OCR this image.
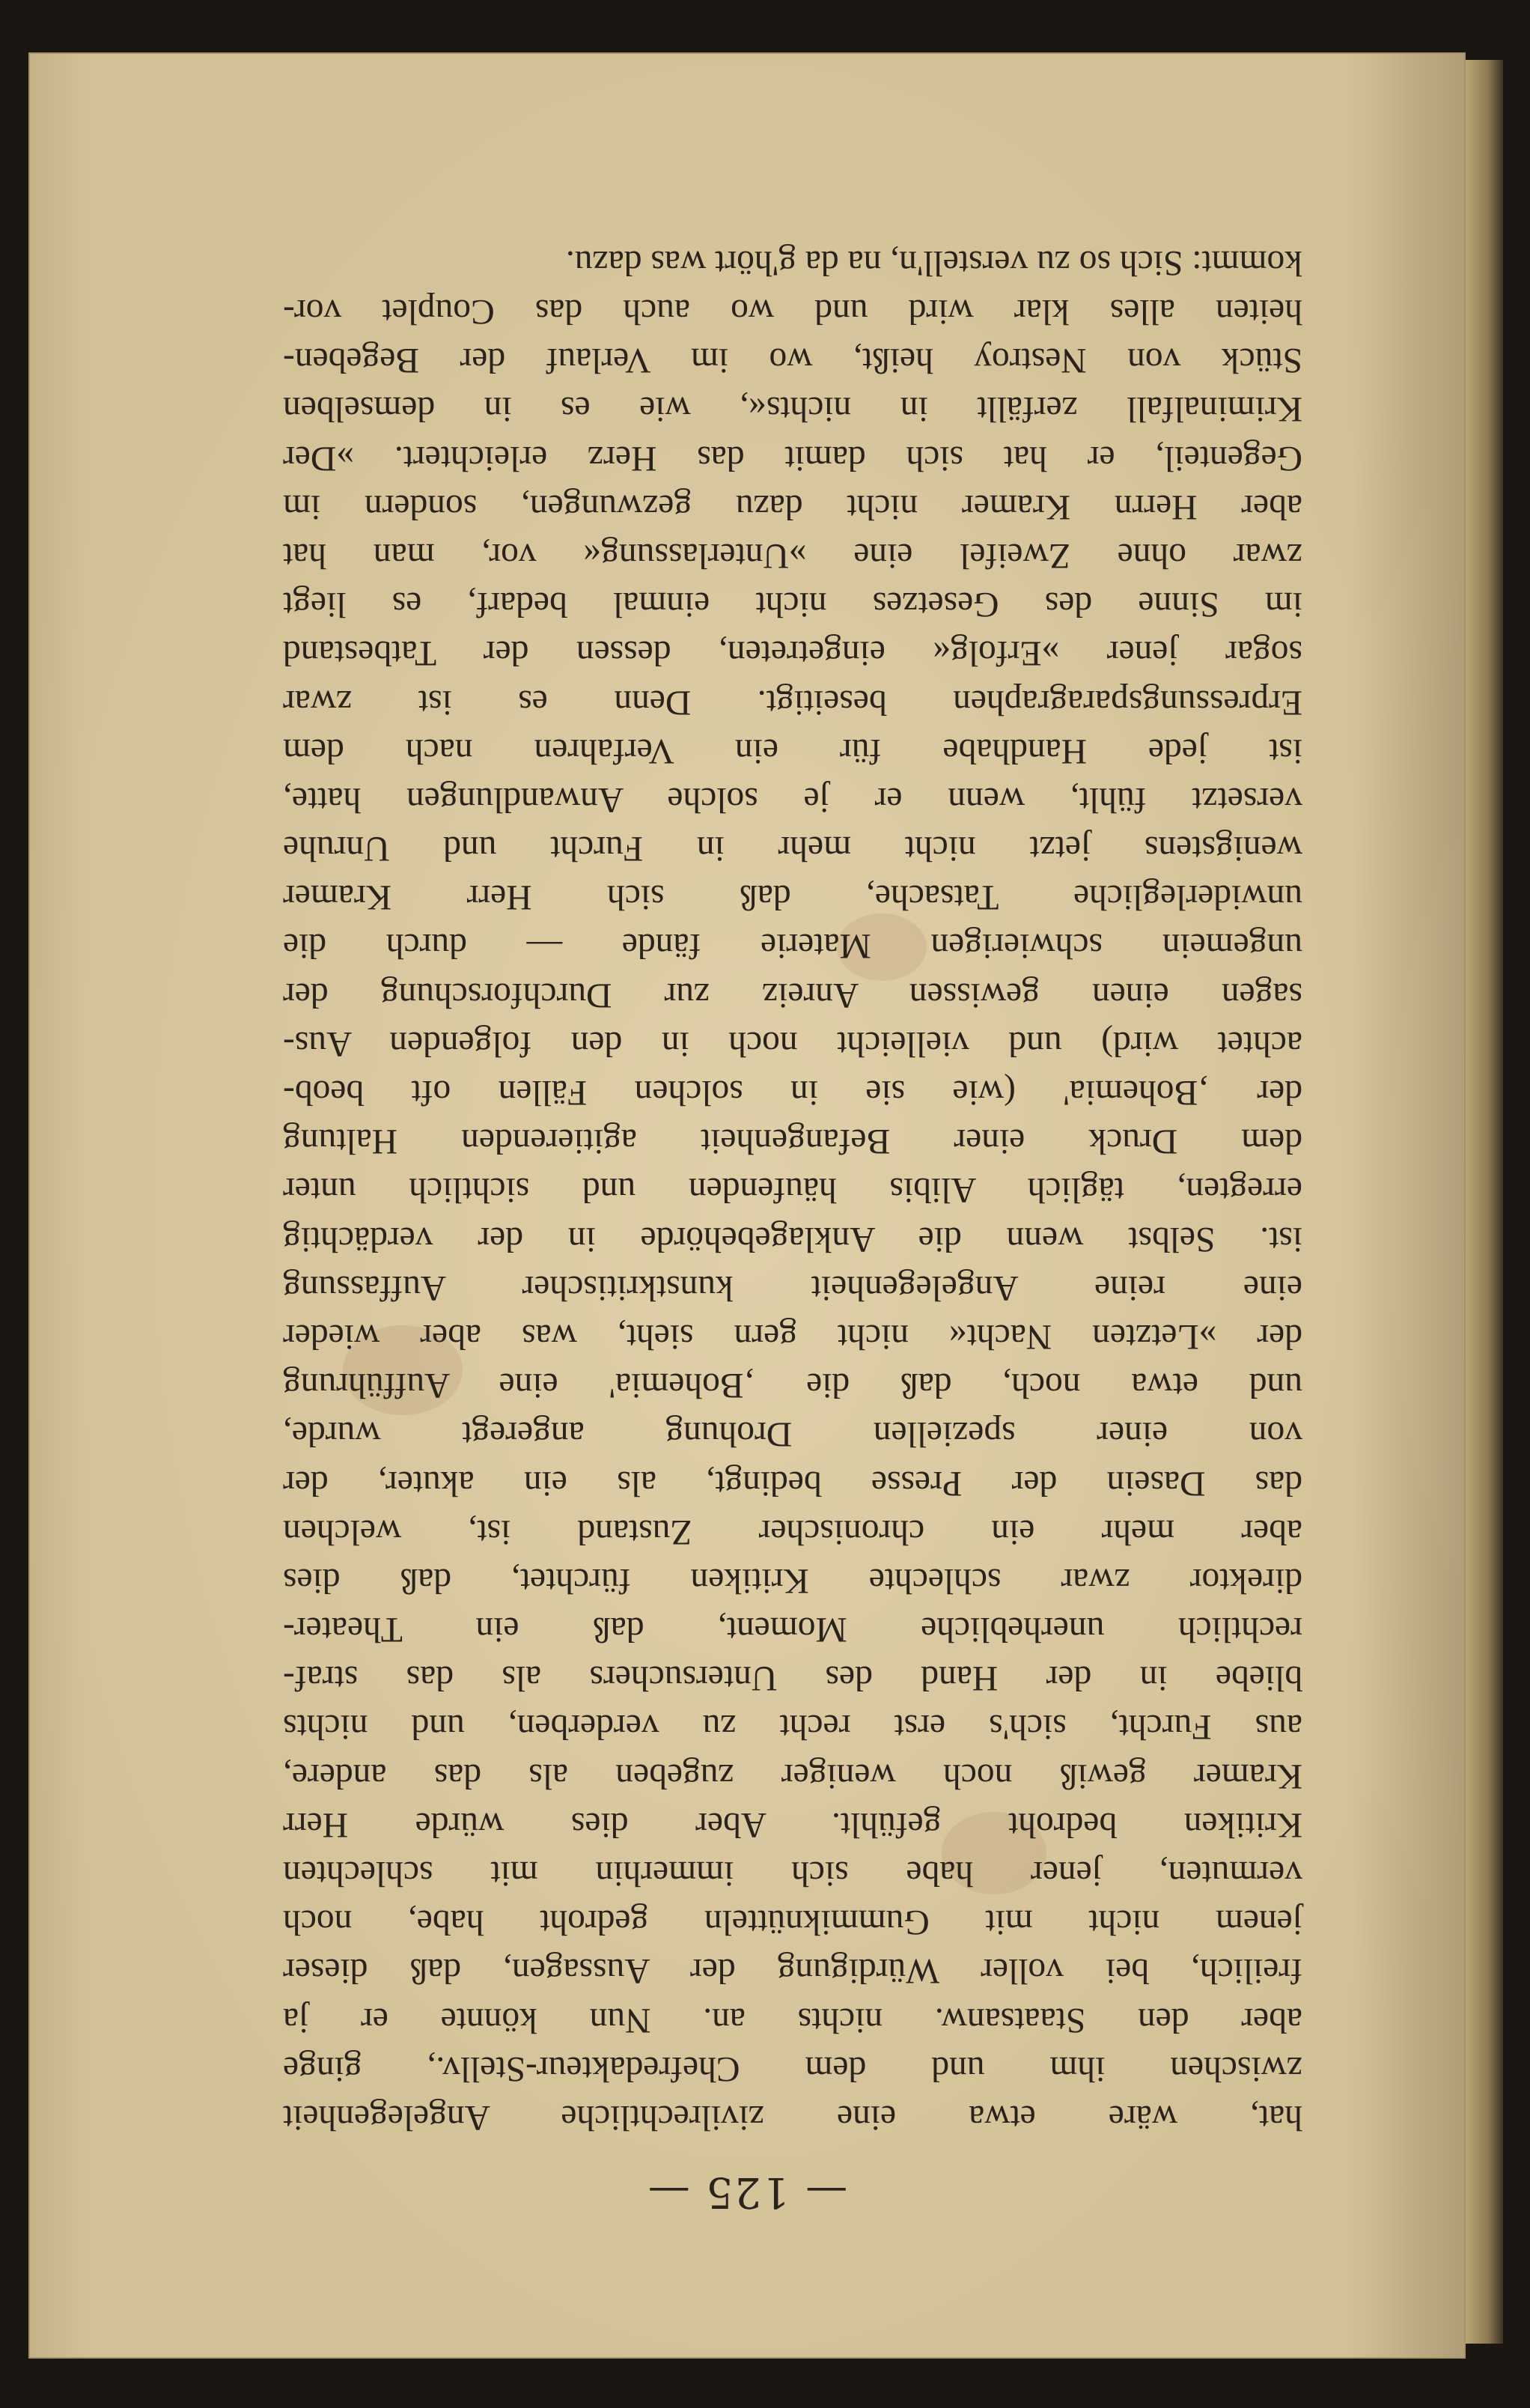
— 125 —
hat, wäre etwa eine zivilrechtliche Angelegenheit
zwischen ihm und dem Chefredakteur-Stellv., ginge
aber den Staatsanw. nichts an. Nun könnte er ja
freilich, bei voller Würdigung der Aussagen, daß dieser
jenem nicht mit Gummiknütteln gedroht habe, noch
vermuten, jener habe sich immerhin mit schlechten
Kritiken bedroht gefühlt. Aber dies würde Herr
Kramer gewiß noch weniger zugeben als das andere,
aus Furcht, sich's erst recht zu verderben, und nichts
bliebe in der Hand des Untersuchers als das straf-
rechtlich unerhebliche Moment, daß ein Theater-
direktor zwar schlechte Kritiken fürchtet, daß dies
aber mehr ein chronischer Zustand ist, welchen
das Dasein der Presse bedingt, als ein akuter, der
von einer speziellen Drohung angeregt wurde,
und etwa noch, daß die ‚Bohemia' eine Aufführung
der »Letzten Nacht« nicht gern sieht, was aber wieder
eine reine Angelegenheit kunstkritischer Auffassung
ist. Selbst wenn die Anklagebehörde in der verdächtig
erregten, täglich Alibis häufenden und sichtlich unter
dem Druck einer Befangenheit agitierenden Haltung
der ‚Bohemia' (wie sie in solchen Fällen oft beob-
achtet wird) und vielleicht noch in den folgenden Aus-
sagen einen gewissen Anreiz zur Durchforschung der
ungemein schwierigen Materie fände — durch die
unwiderlegliche Tatsache, daß sich Herr Kramer
wenigstens jetzt nicht mehr in Furcht und Unruhe
versetzt fühlt, wenn er je solche Anwandlungen hatte,
ist jede Handhabe für ein Verfahren nach dem
Erpressungsparagraphen beseitigt. Denn es ist zwar
sogar jener »Erfolg« eingetreten, dessen der Tatbestand
im Sinne des Gesetzes nicht einmal bedarf, es liegt
zwar ohne Zweifel eine »Unterlassung« vor, man hat
aber Herrn Kramer nicht dazu gezwungen, sondern im
Gegenteil, er hat sich damit das Herz erleichtert. »Der
Kriminalfall zerfällt in nichts«, wie es in demselben
Stück von Nestroy heißt, wo im Verlauf der Begeben-
heiten alles klar wird und wo auch das Couplet vor-
kommt: Sich so zu verstell'n, na da g'hört was dazu.
